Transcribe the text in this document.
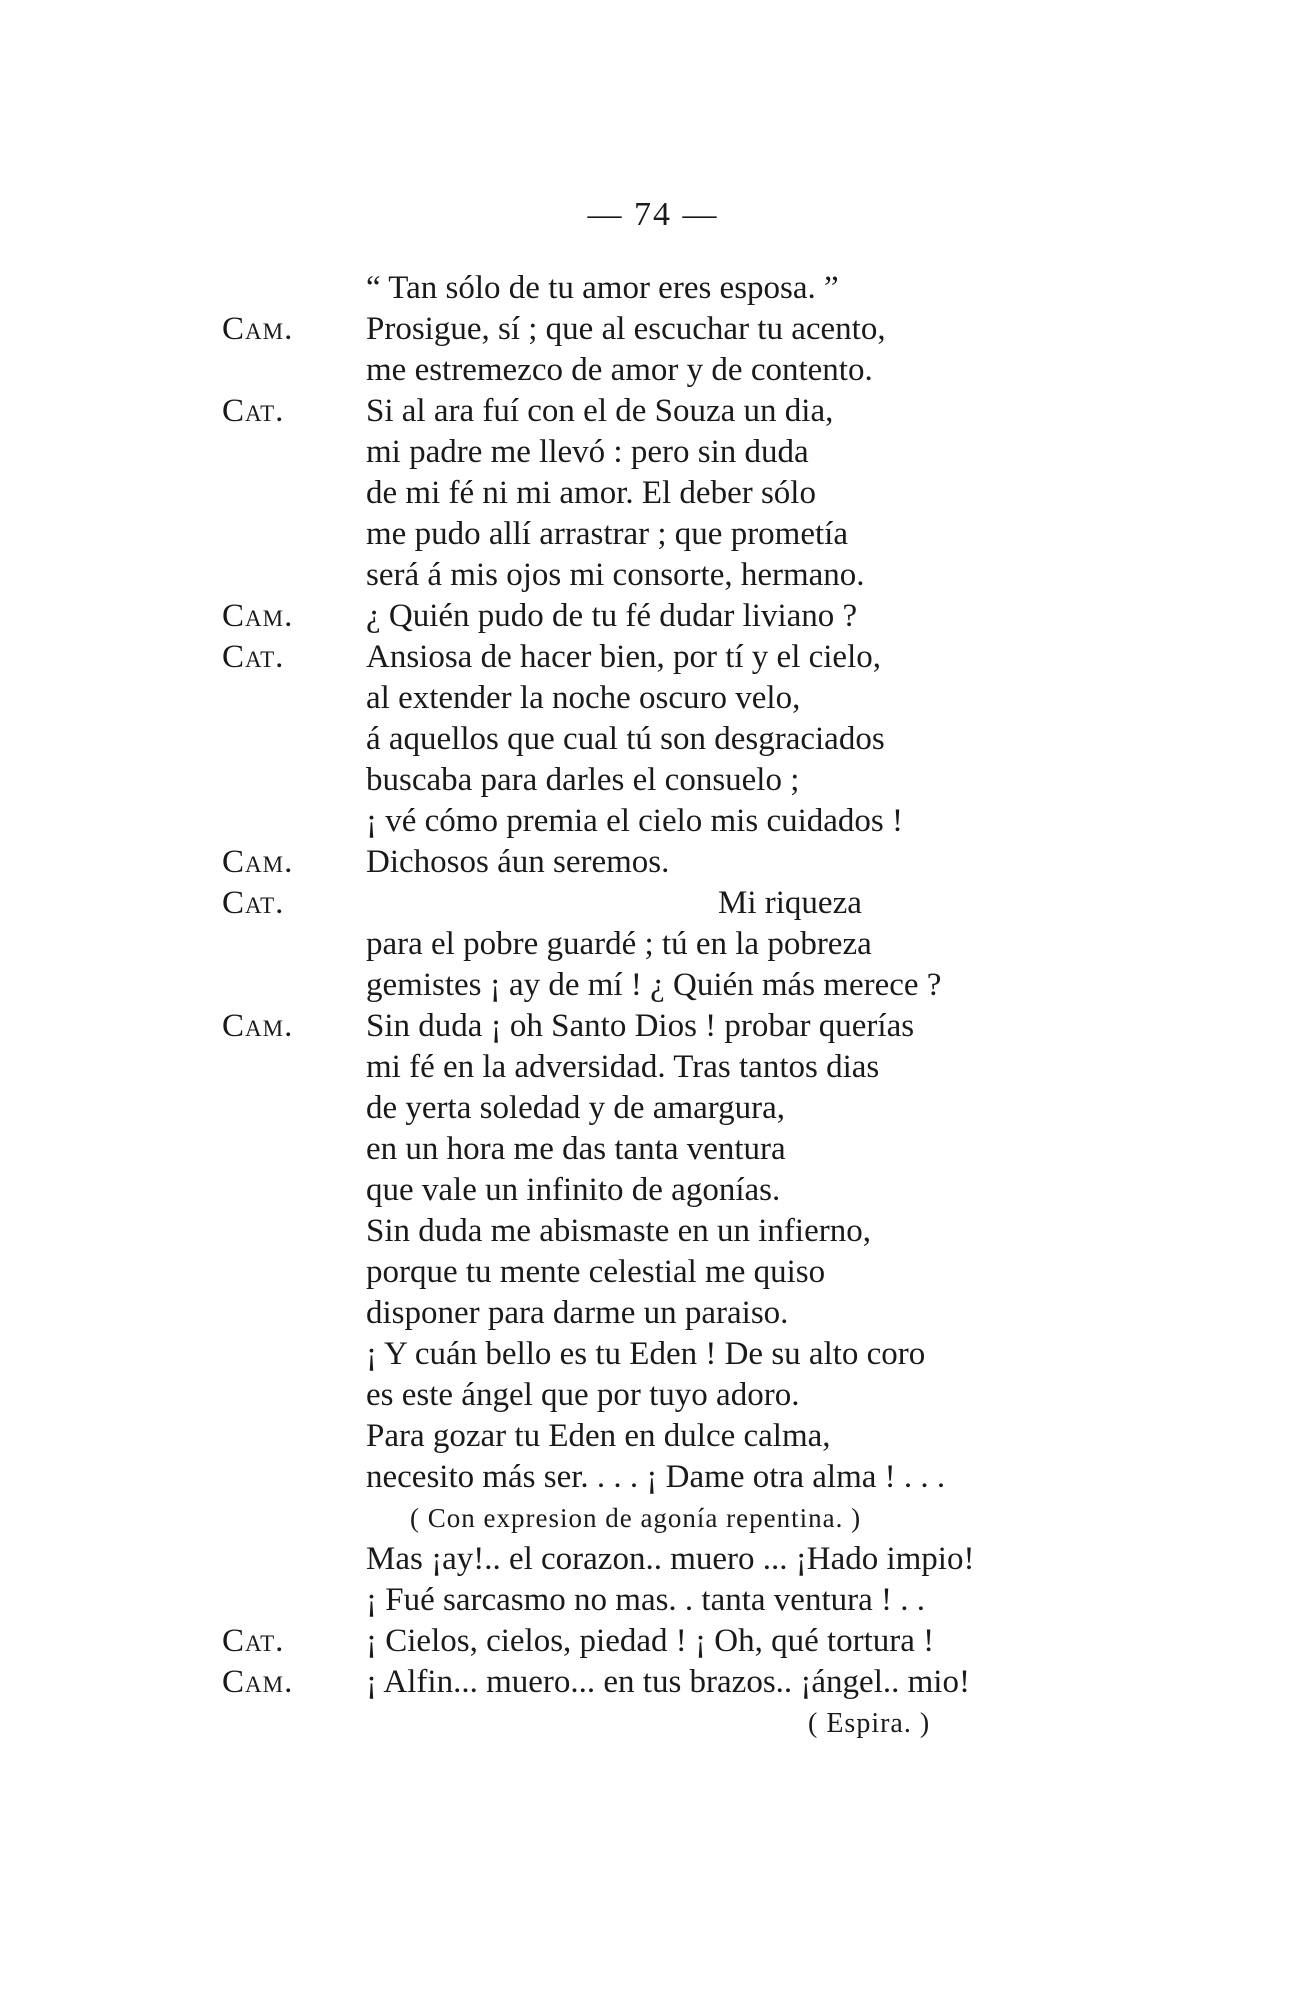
— 74 —
“ Tan sólo de tu amor eres esposa. ”
Cam. Prosigue, sí ; que al escuchar tu acento,
me estremezco de amor y de contento.
Cat. Si al ara fuí con el de Souza un dia,
mi padre me llevó : pero sin duda
de mi fé ni mi amor. El deber sólo
me pudo allí arrastrar ; que prometía
será á mis ojos mi consorte, hermano.
Cam. ¿ Quién pudo de tu fé dudar liviano ?
Cat. Ansiosa de hacer bien, por tí y el cielo,
al extender la noche oscuro velo,
á aquellos que cual tú son desgraciados
buscaba para darles el consuelo ;
¡ vé cómo premia el cielo mis cuidados !
Cam. Dichosos áun seremos.
Cat.	Mi riqueza
para el pobre guardé ; tú en la pobreza
gemistes ¡ ay de mí ! ¿ Quién más merece ?
Cam. Sin duda ¡ oh Santo Dios ! probar querías
mi fé en la adversidad. Tras tantos dias
de yerta soledad y de amargura,
en un hora me das tanta ventura
que vale un infinito de agonías.
Sin duda me abismaste en un infierno,
porque tu mente celestial me quiso
disponer para darme un paraiso.
¡ Y cuán bello es tu Eden ! De su alto coro
es este ángel que por tuyo adoro.
Para gozar tu Eden en dulce calma,
necesito más ser. . . . ¡ Dame otra alma ! . . .
( Con expresion de agonía repentina. )
Mas ¡ay!.. el corazon.. muero ... ¡Hado impio!
¡ Fué sarcasmo no mas. . tanta ventura ! . .
Cat. ¡ Cielos, cielos, piedad ! ¡ Oh, qué tortura !
Cam. ¡ Alfin... muero... en tus brazos.. ¡ángel.. mio!
( Espira. )
